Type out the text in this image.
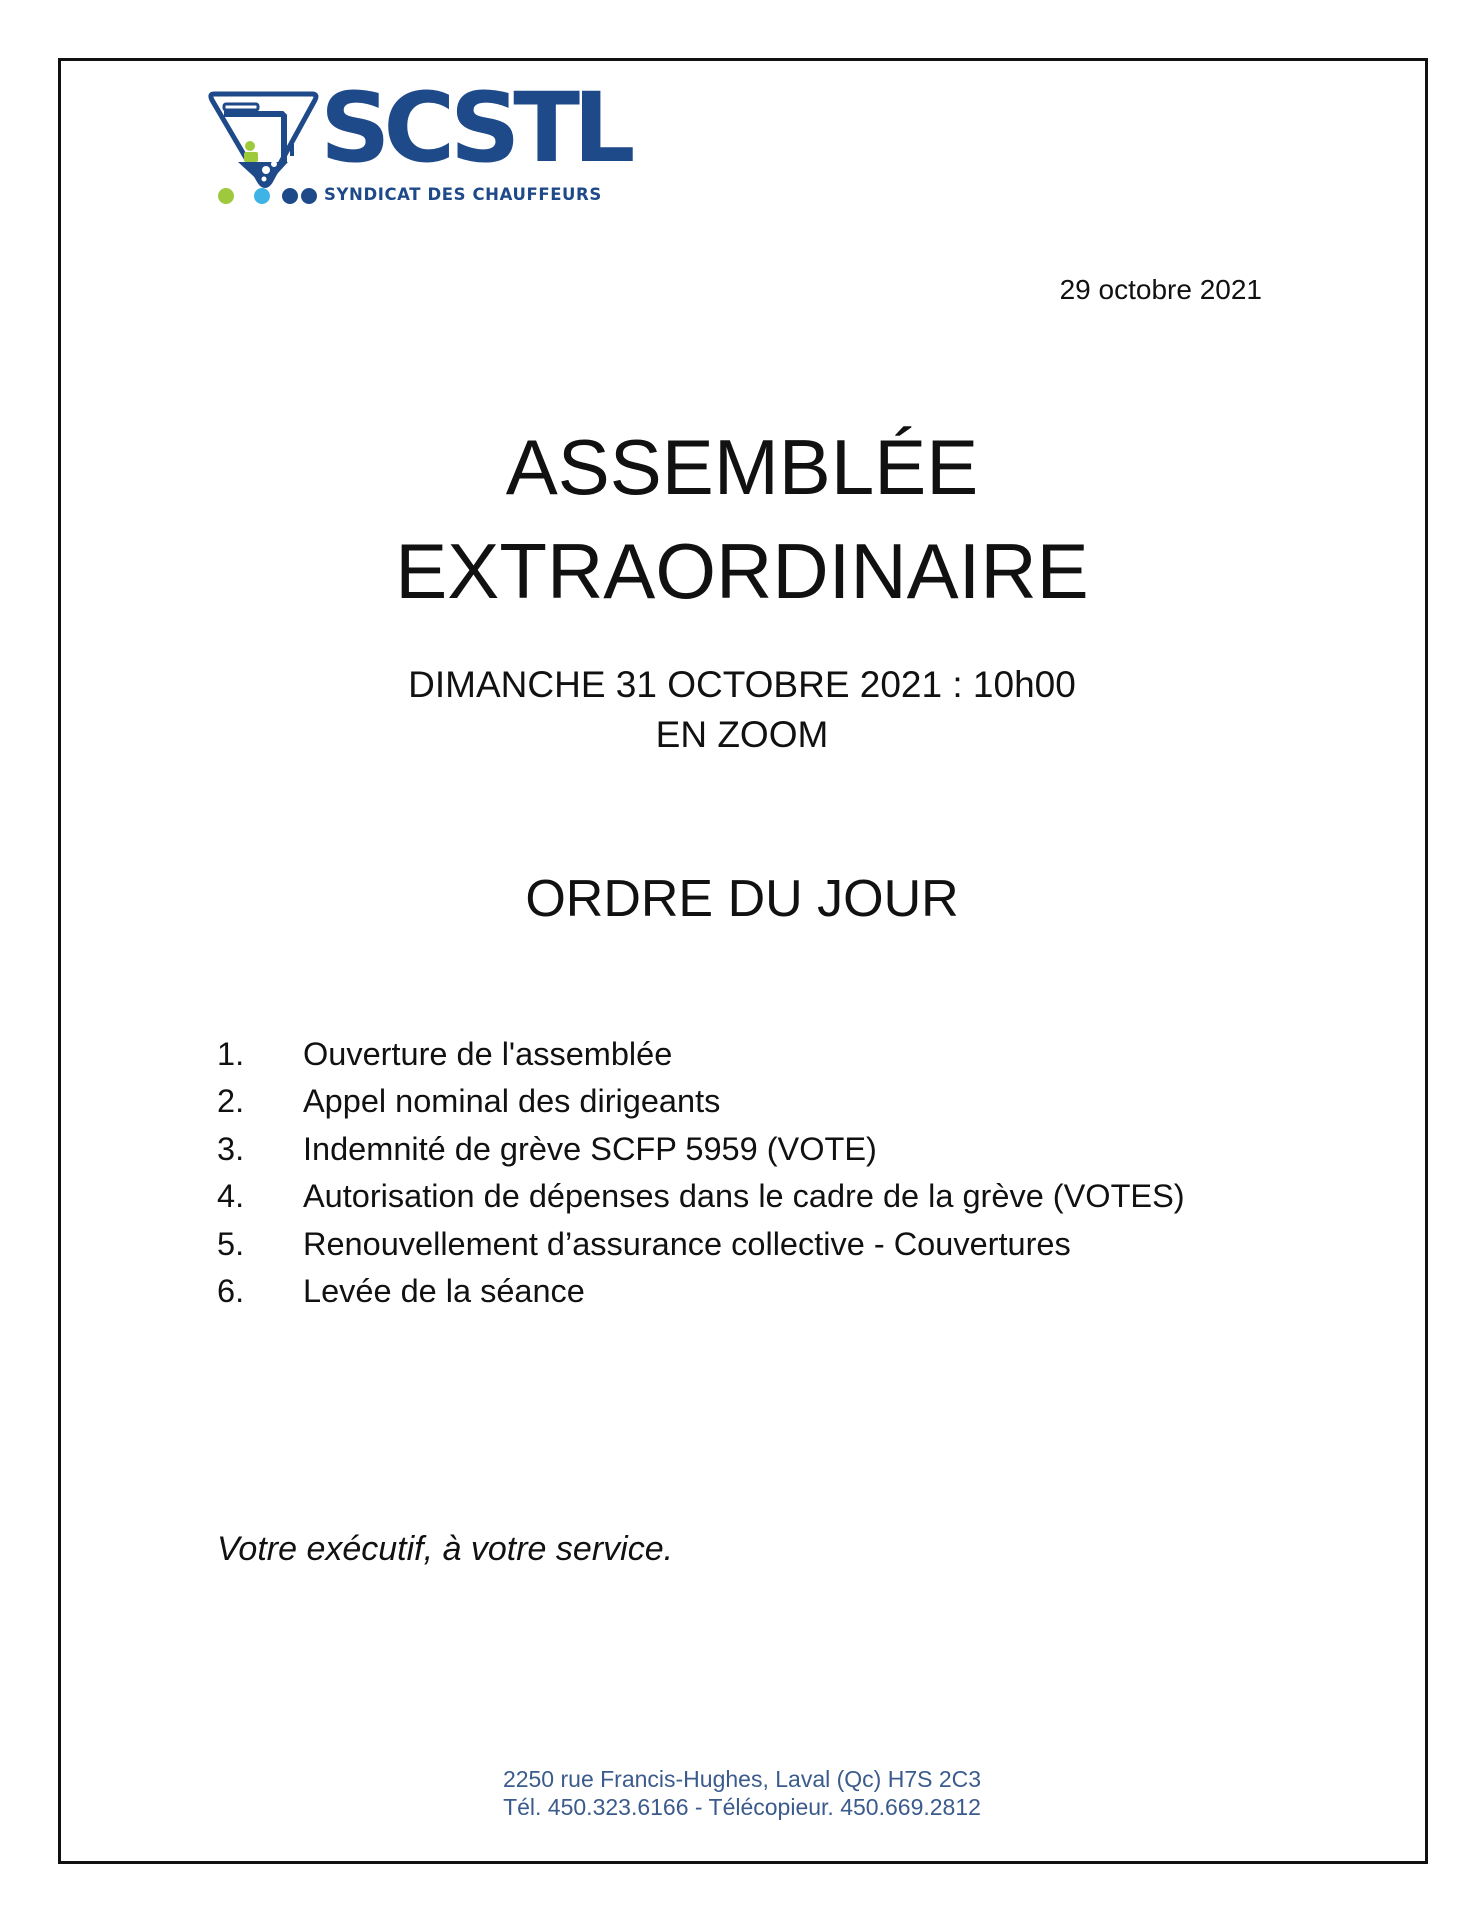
SCSTL
SYNDICAT DES CHAUFFEURS
29 octobre 2021
ASSEMBLÉE
EXTRAORDINAIRE
DIMANCHE 31 OCTOBRE 2021 : 10h00
EN ZOOM
ORDRE DU JOUR
1.	Ouverture de l'assemblée
2.	Appel nominal des dirigeants
3.	Indemnité de grève SCFP 5959 (VOTE)
4.	Autorisation de dépenses dans le cadre de la grève (VOTES)
5.	Renouvellement d’assurance collective - Couvertures
6.	Levée de la séance
Votre exécutif, à votre service.
2250 rue Francis-Hughes, Laval (Qc) H7S 2C3
Tél. 450.323.6166 - Télécopieur. 450.669.2812
